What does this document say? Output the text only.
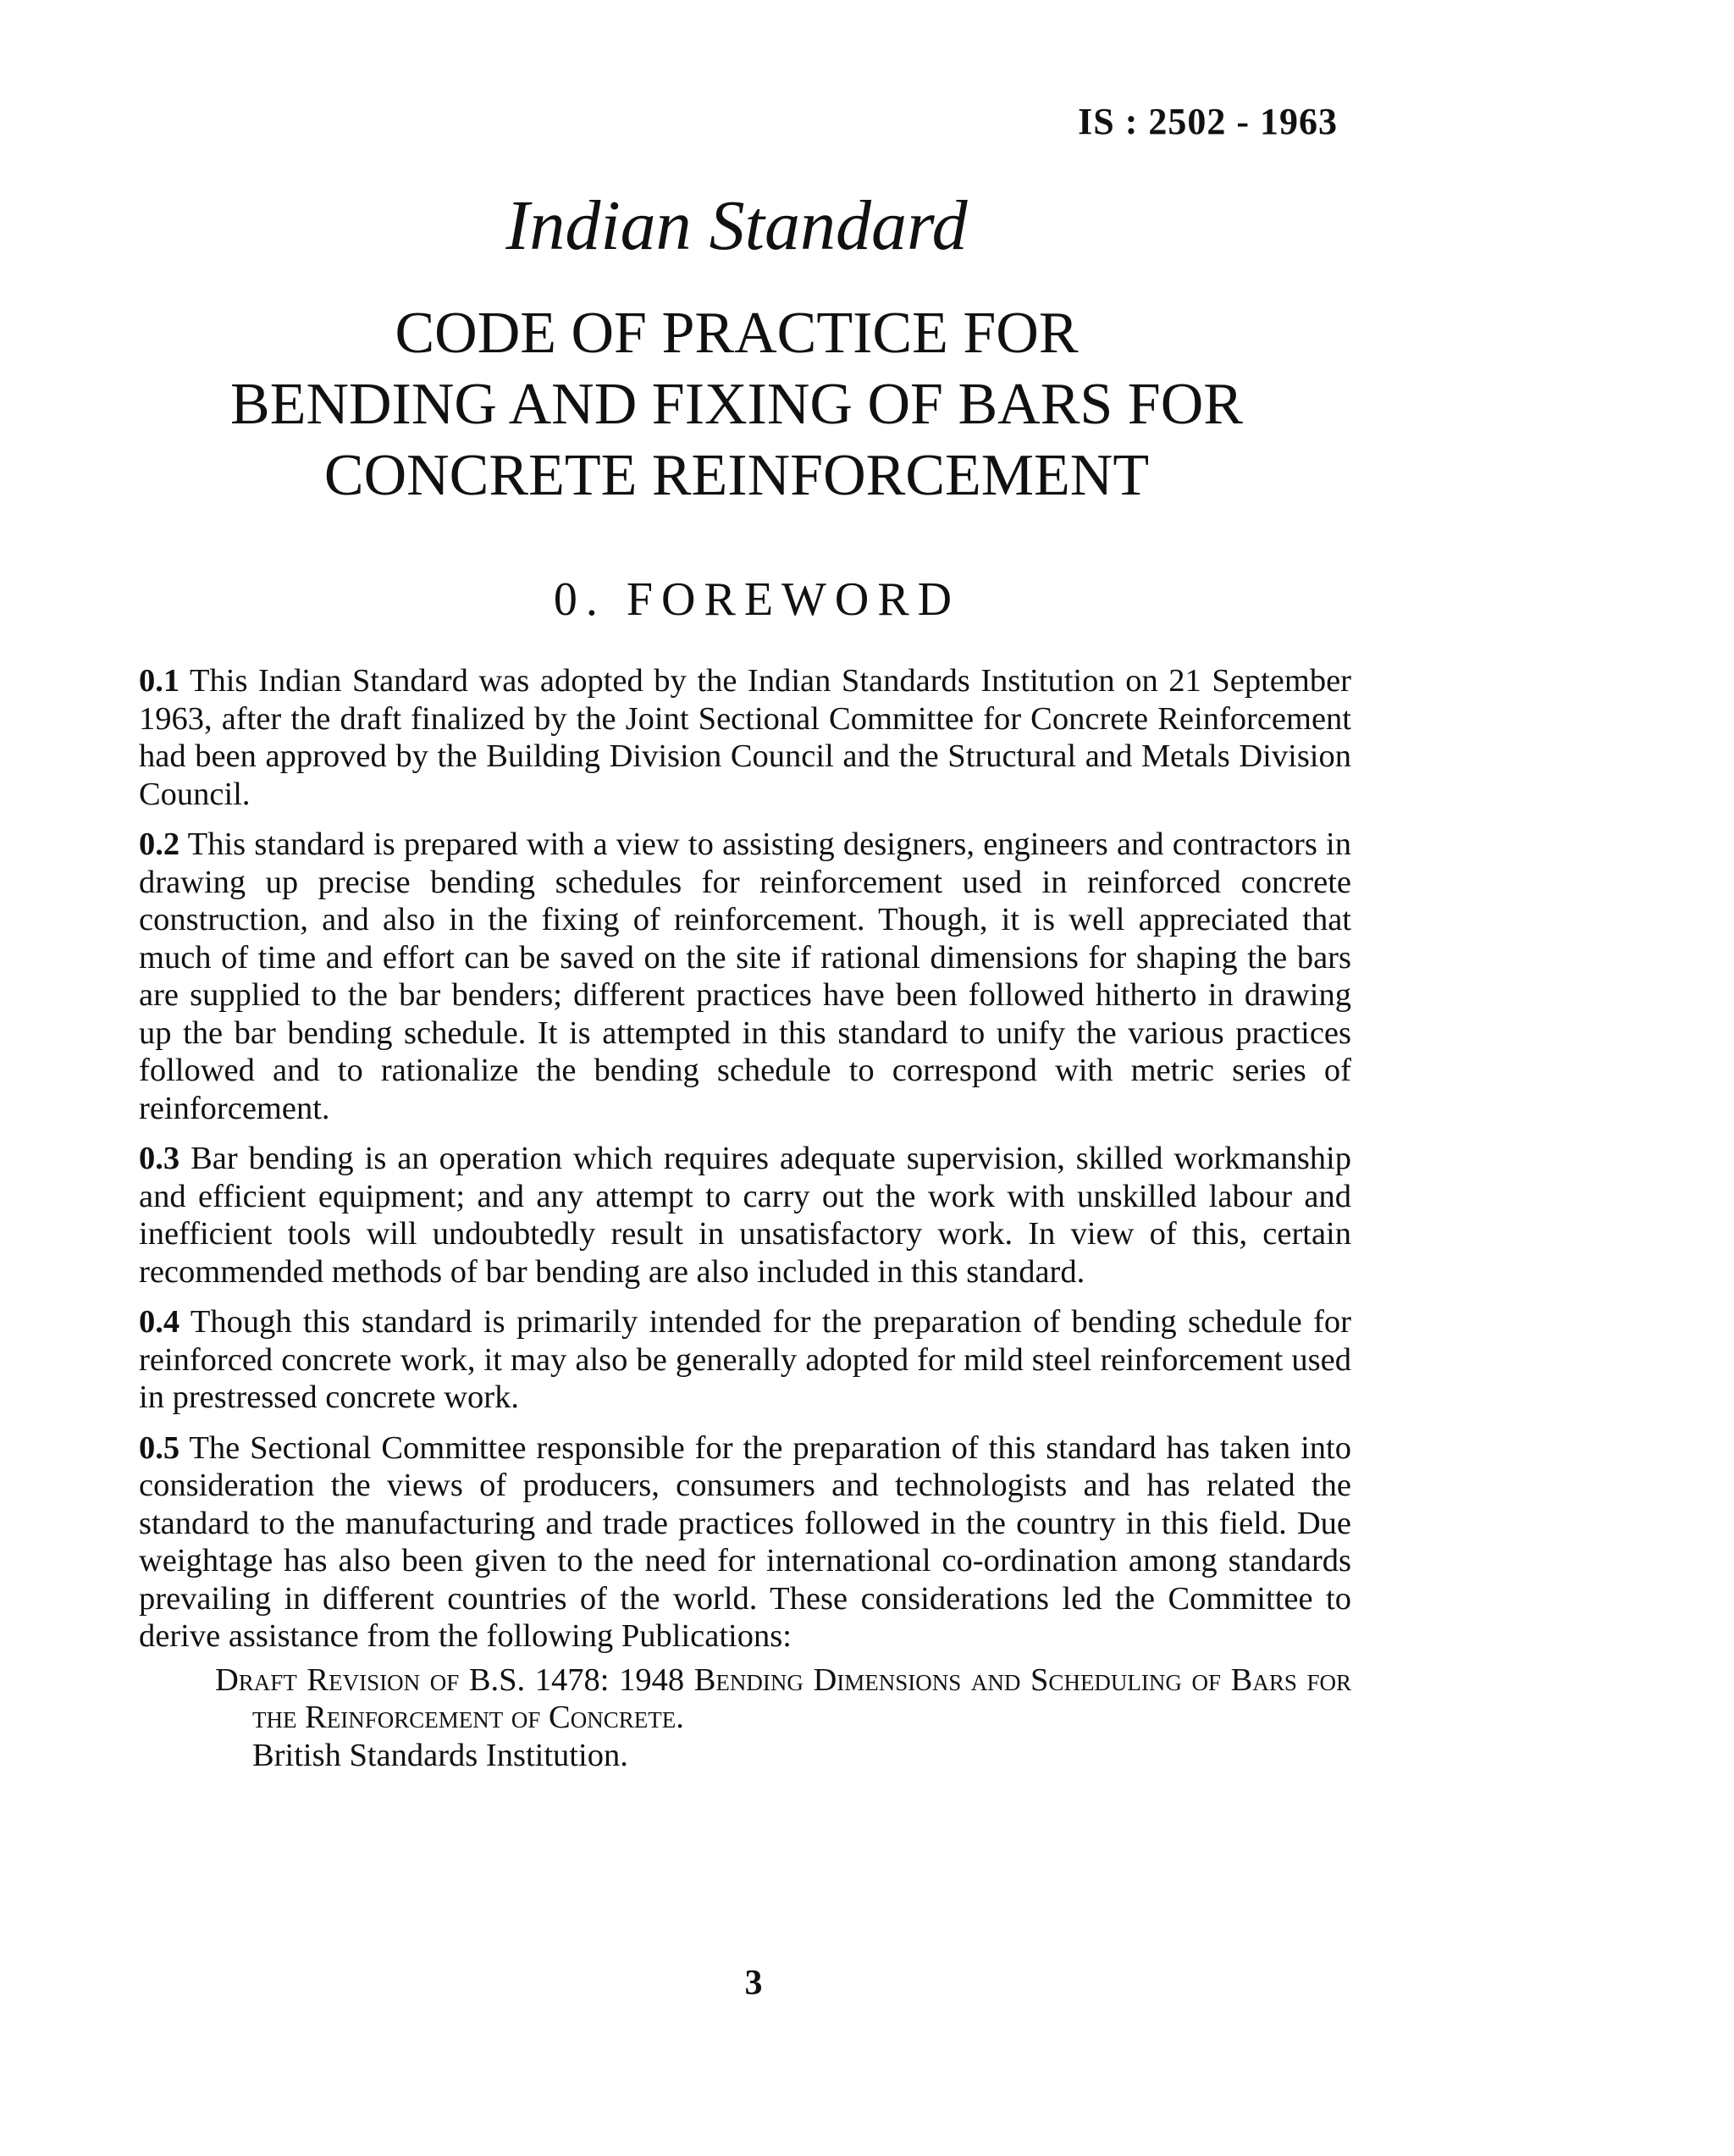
IS : 2502 - 1963
Indian Standard
CODE OF PRACTICE FOR
BENDING AND FIXING OF BARS FOR
CONCRETE REINFORCEMENT
0. FOREWORD

0.1 This Indian Standard was adopted by the Indian Standards Institution on 21 September 1963, after the draft finalized by the Joint Sectional Committee for Concrete Reinforcement had been approved by the Building Division Council and the Structural and Metals Division Council.

0.2 This standard is prepared with a view to assisting designers, engineers and contractors in drawing up precise bending schedules for reinforcement used in reinforced concrete construction, and also in the fixing of reinforcement. Though, it is well appreciated that much of time and effort can be saved on the site if rational dimensions for shaping the bars are supplied to the bar benders; different practices have been followed hitherto in drawing up the bar bending schedule. It is attempted in this standard to unify the various practices followed and to rationalize the bending schedule to correspond with metric series of reinforcement.

0.3 Bar bending is an operation which requires adequate supervision, skilled workmanship and efficient equipment; and any attempt to carry out the work with unskilled labour and inefficient tools will undoubtedly result in unsatisfactory work. In view of this, certain recommended methods of bar bending are also included in this standard.

0.4 Though this standard is primarily intended for the preparation of bending schedule for reinforced concrete work, it may also be generally adopted for mild steel reinforcement used in prestressed concrete work.

0.5 The Sectional Committee responsible for the preparation of this standard has taken into consideration the views of producers, consumers and technologists and has related the standard to the manufacturing and trade practices followed in the country in this field. Due weightage has also been given to the need for international co-ordination among standards prevailing in different countries of the world. These considerations led the Committee to derive assistance from the following Publications:

Draft Revision of B.S. 1478: 1948 Bending Dimensions and Scheduling of Bars for the Reinforcement of Concrete.
British Standards Institution.
3
